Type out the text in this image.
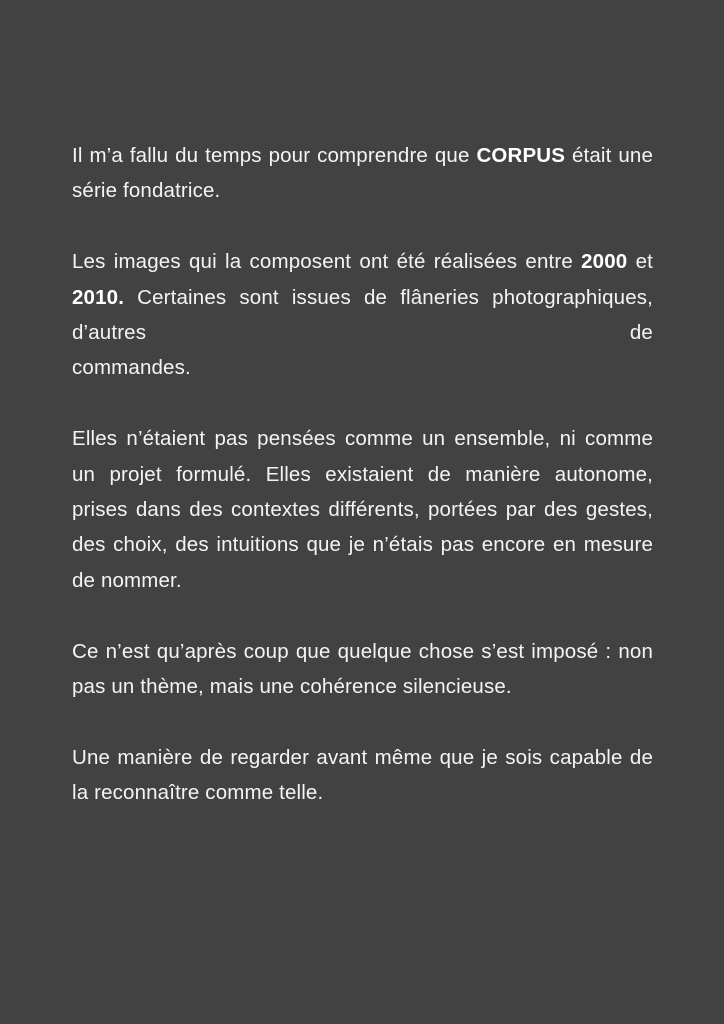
Il m’a fallu du temps pour comprendre que CORPUS était une série fondatrice.

Les images qui la composent ont été réalisées entre 2000 et 2010. Certaines sont issues de flâneries photographiques, d’autres de

commandes.

Elles n’étaient pas pensées comme un ensemble, ni comme un projet formulé. Elles existaient de manière autonome, prises dans des contextes différents, portées par des gestes, des choix, des intuitions que je n’étais pas encore en mesure de nommer.

Ce n’est qu’après coup que quelque chose s’est imposé : non pas un thème, mais une cohérence silencieuse.

Une manière de regarder avant même que je sois capable de la reconnaître comme telle.
